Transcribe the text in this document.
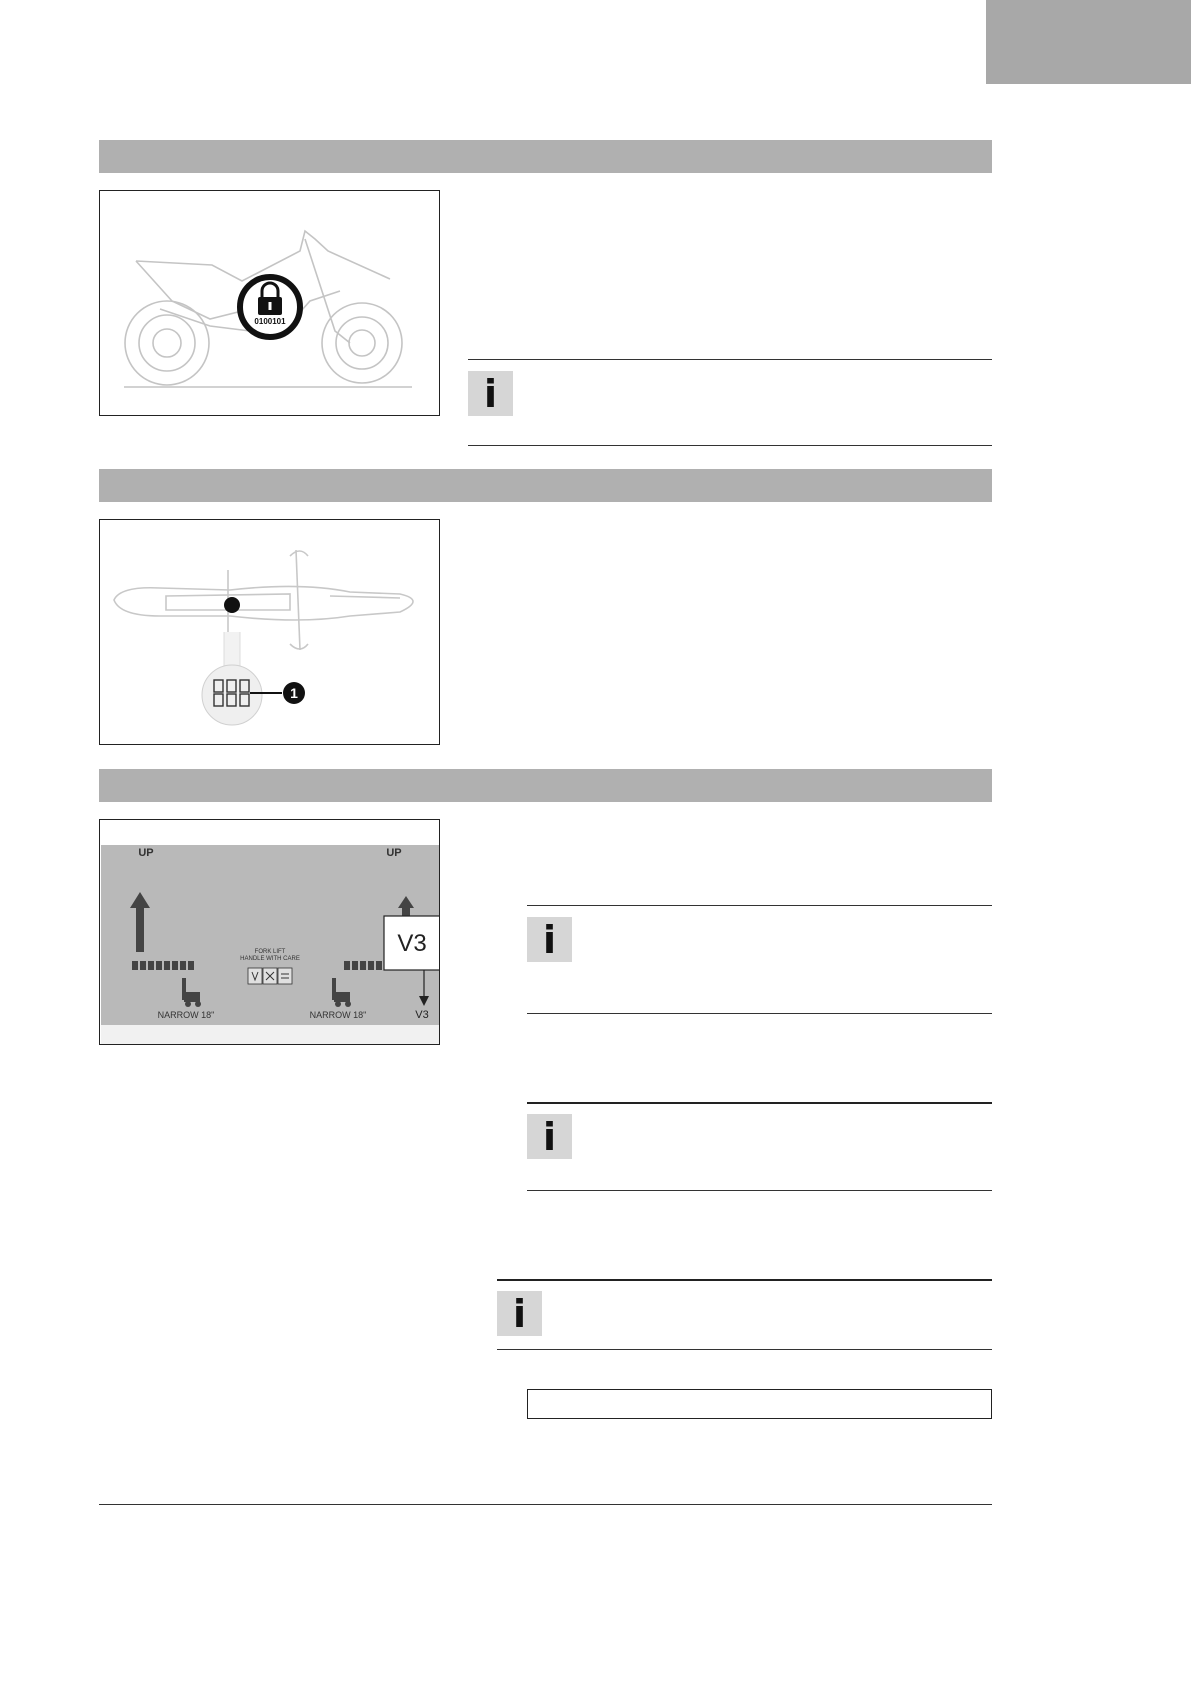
0100101
i
1
UP	UP
FORK LIFT
HANDLE WITH CARE
NARROW 18"	NARROW 18"
V3
V3
i
i
i
